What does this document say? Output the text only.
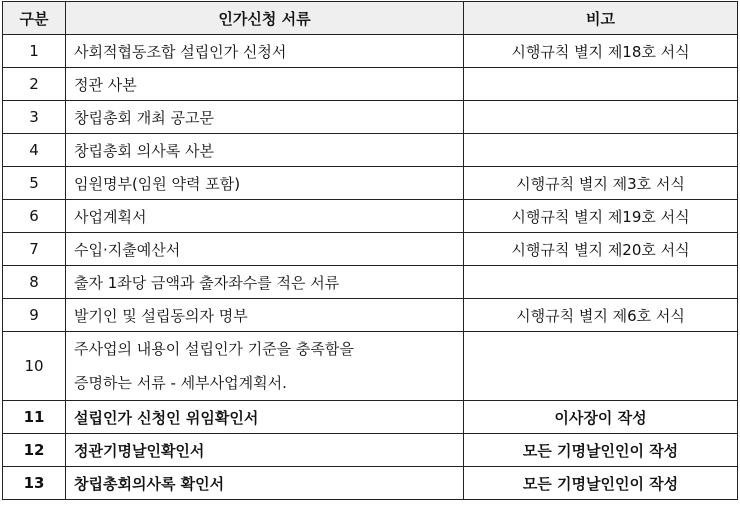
구분	인가신청 서류	비고
1	사회적협동조합 설립인가 신청서	시행규칙 별지 제18호 서식
2	정관 사본	
3	창립총회 개최 공고문	
4	창립총회 의사록 사본	
5	임원명부(임원 약력 포함)	시행규칙 별지 제3호 서식
6	사업계획서	시행규칙 별지 제19호 서식
7	수입·지출예산서	시행규칙 별지 제20호 서식
8	출자 1좌당 금액과 출자좌수를 적은 서류	
9	발기인 및 설립동의자 명부	시행규칙 별지 제6호 서식
10	주사업의 내용이 설립인가 기준을 충족함을
증명하는 서류 - 세부사업계획서.	

11	설립인가 신청인 위임확인서	이사장이 작성
12	정관기명날인확인서	모든 기명날인인이 작성
13	창립총회의사록 확인서	모든 기명날인인이 작성
